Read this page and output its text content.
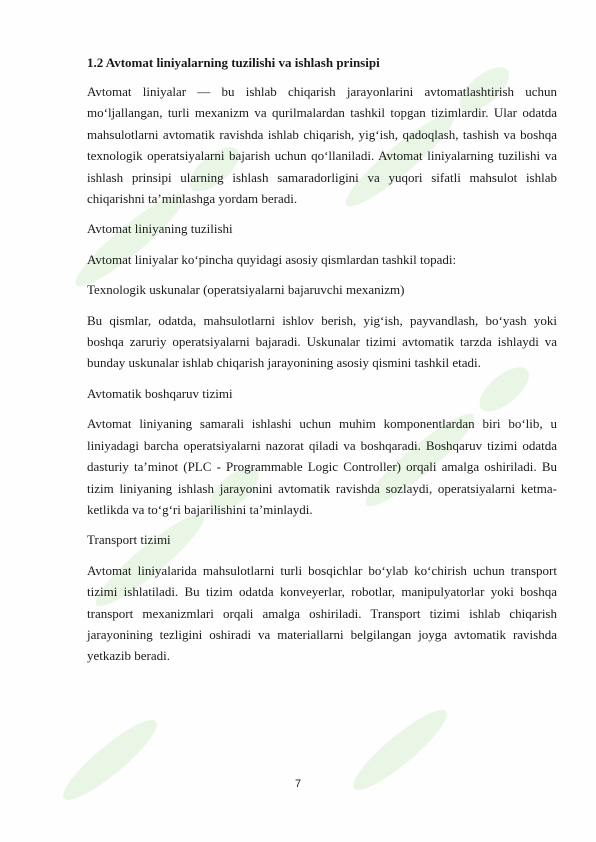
1.2 Avtomat liniyalarning tuzilishi va ishlash prinsipi

Avtomat liniyalar — bu ishlab chiqarish jarayonlarini avtomatlashtirish uchun mo‘ljallangan, turli mexanizm va qurilmalardan tashkil topgan tizimlardir. Ular odatda mahsulotlarni avtomatik ravishda ishlab chiqarish, yig‘ish, qadoqlash, tashish va boshqa texnologik operatsiyalarni bajarish uchun qo‘llaniladi. Avtomat liniyalarning tuzilishi va ishlash prinsipi ularning ishlash samaradorligini va yuqori sifatli mahsulot ishlab chiqarishni ta’minlashga yordam beradi.

Avtomat liniyaning tuzilishi

Avtomat liniyalar ko‘pincha quyidagi asosiy qismlardan tashkil topadi:

Texnologik uskunalar (operatsiyalarni bajaruvchi mexanizm)

Bu qismlar, odatda, mahsulotlarni ishlov berish, yig‘ish, payvandlash, bo‘yash yoki boshqa zaruriy operatsiyalarni bajaradi. Uskunalar tizimi avtomatik tarzda ishlaydi va bunday uskunalar ishlab chiqarish jarayonining asosiy qismini tashkil etadi.

Avtomatik boshqaruv tizimi

Avtomat liniyaning samarali ishlashi uchun muhim komponentlardan biri bo‘lib, u liniyadagi barcha operatsiyalarni nazorat qiladi va boshqaradi. Boshqaruv tizimi odatda dasturiy ta’minot (PLC - Programmable Logic Controller) orqali amalga oshiriladi. Bu tizim liniyaning ishlash jarayonini avtomatik ravishda sozlaydi, operatsiyalarni ketma-ketlikda va to‘g‘ri bajarilishini ta’minlaydi.

Transport tizimi

Avtomat liniyalarida mahsulotlarni turli bosqichlar bo‘ylab ko‘chirish uchun transport tizimi ishlatiladi. Bu tizim odatda konveyerlar, robotlar, manipulyatorlar yoki boshqa transport mexanizmlari orqali amalga oshiriladi. Transport tizimi ishlab chiqarish jarayonining tezligini oshiradi va materiallarni belgilangan joyga avtomatik ravishda yetkazib beradi.

7
